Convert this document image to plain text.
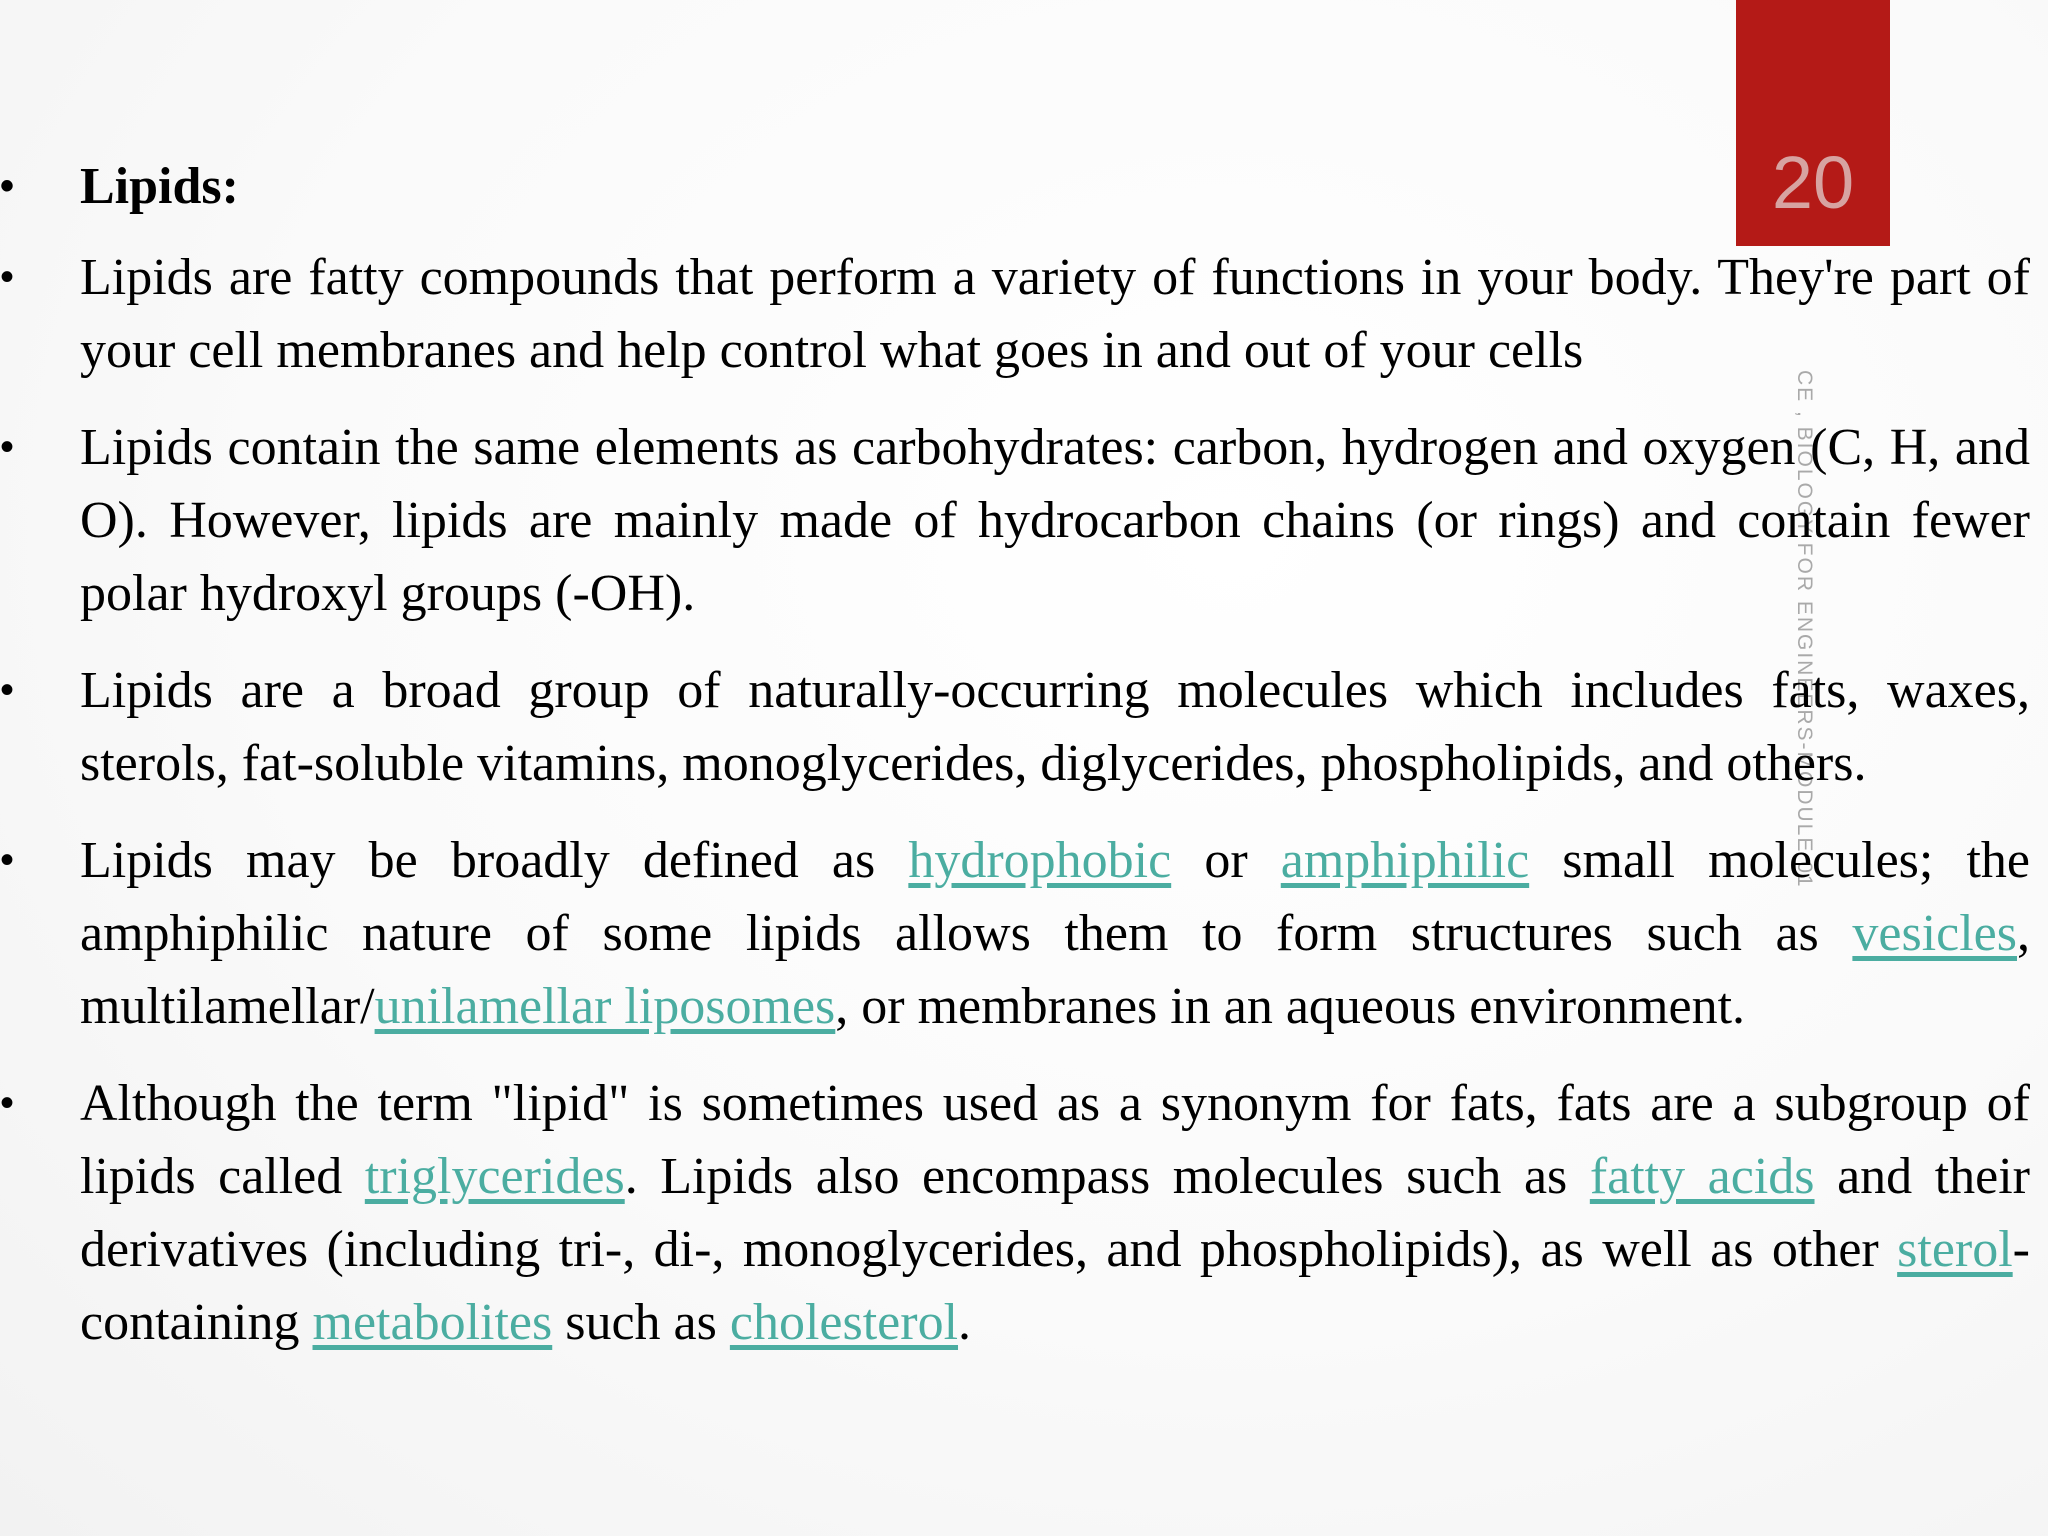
20
CE , BIOLOGY FOR ENGINEERS-MODULE 01
•	Lipids:
•	Lipids are fatty compounds that perform a variety of functions in your body. They're part of your cell membranes and help control what goes in and out of your cells
•	Lipids contain the same elements as carbohydrates: carbon, hydrogen and oxygen (C, H, and O). However, lipids are mainly made of hydrocarbon chains (or rings) and contain fewer polar hydroxyl groups (-OH).
•	Lipids are a broad group of naturally-occurring molecules which includes fats, waxes, sterols, fat-soluble vitamins, monoglycerides, diglycerides, phospholipids, and others.
•	Lipids may be broadly defined as hydrophobic or amphiphilic small molecules; the amphiphilic nature of some lipids allows them to form structures such as vesicles, multilamellar/unilamellar liposomes, or membranes in an aqueous environment.
•	Although the term "lipid" is sometimes used as a synonym for fats, fats are a subgroup of lipids called triglycerides. Lipids also encompass molecules such as fatty acids and their derivatives (including tri-, di-, monoglycerides, and phospholipids), as well as other sterol-containing metabolites such as cholesterol.
